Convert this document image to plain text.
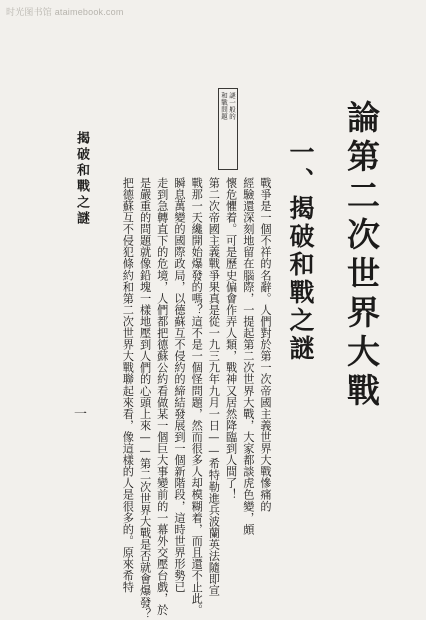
时光图书馆 ataimebook.com
論第二次世界大戰
一、揭破和戰之謎
戰爭是一個不祥的名辭。人們對於第一次帝國主義世界大戰慘痛的
經驗還深刻地留在腦際，一提起第二次世界大戰，大家都談虎色變，頗
懷危懼着。可是歷史偏會作弄人類，戰神又居然降臨到人間了！
第二次帝國主義戰爭果真是從一九三九年九月一日——希特勒進兵波蘭英法隨即宣
戰那一天纔開始爆發的嗎？這不是一個怪問題，然而很多人却模糊着，而且還不止此。
瞬息萬變的國際政局，以德蘇互不侵約的締結發展到一個新階段，這時世界形勢已
走到急轉直下的危境，人們都把德蘇公約看做某一個巨大事變前的一幕外交壓台戲，於
是嚴重的問題就像鉛塊一樣地壓到人們的心頭上來——第二次世界大戰是否就會爆發？
把德蘇互不侵犯條約和第二次世界大戰聯起來看，像這樣的人是很多的。原來希特
謎一般的
和戰問題
揭破和戰之謎
一
